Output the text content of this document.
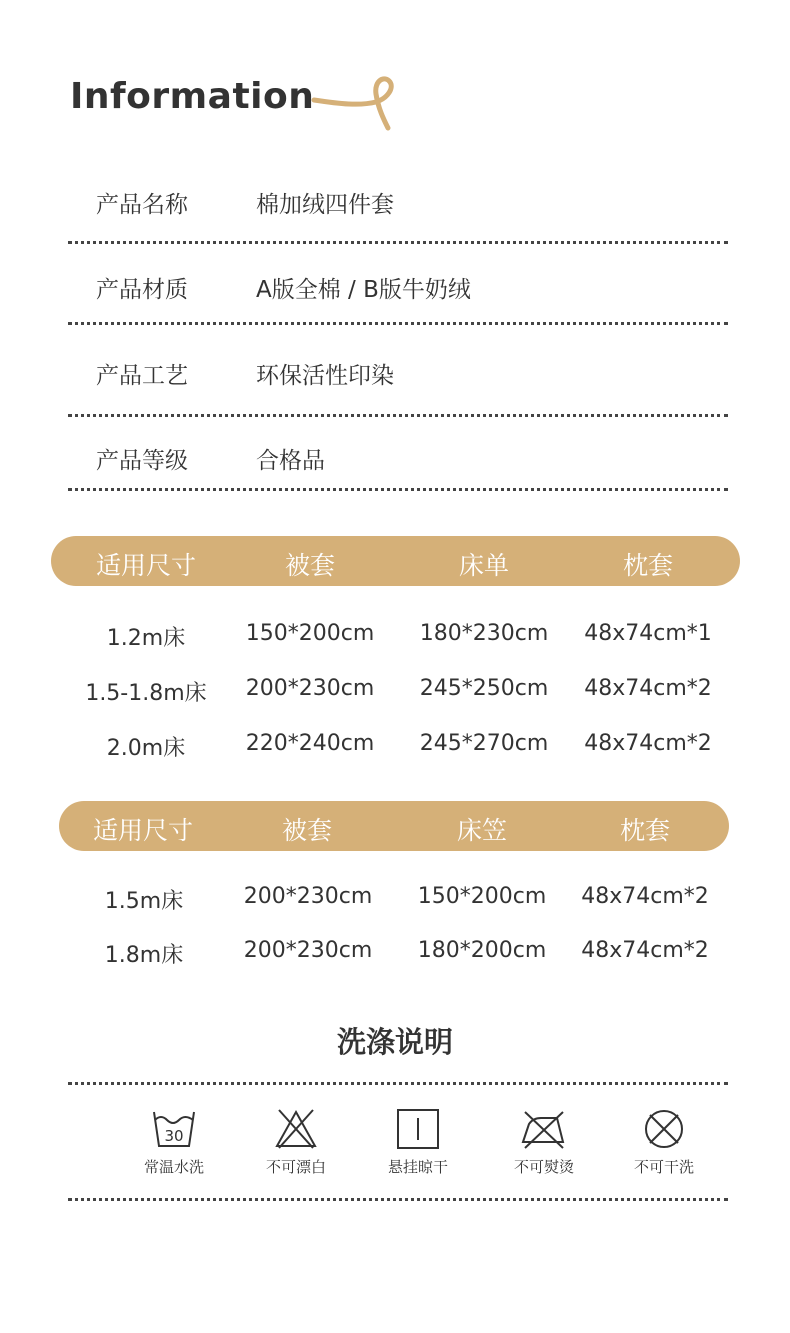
Information
产品名称	棉加绒四件套
产品材质	A版全棉 / B版牛奶绒
产品工艺	环保活性印染
产品等级	合格品
适用尺寸	被套	床单	枕套
1.2m床	150*200cm 180*230cm 48x74cm*1
1.5-1.8m床 200*230cm 245*250cm 48x74cm*2
2.0m床	220*240cm 245*270cm 48x74cm*2
适用尺寸	被套	床笠	枕套
1.5m床	200*230cm 150*200cm 48x74cm*2
1.8m床	200*230cm 180*200cm 48x74cm*2
洗涤说明
30
常温水洗	不可漂白	悬挂晾干	不可熨烫	不可干洗
